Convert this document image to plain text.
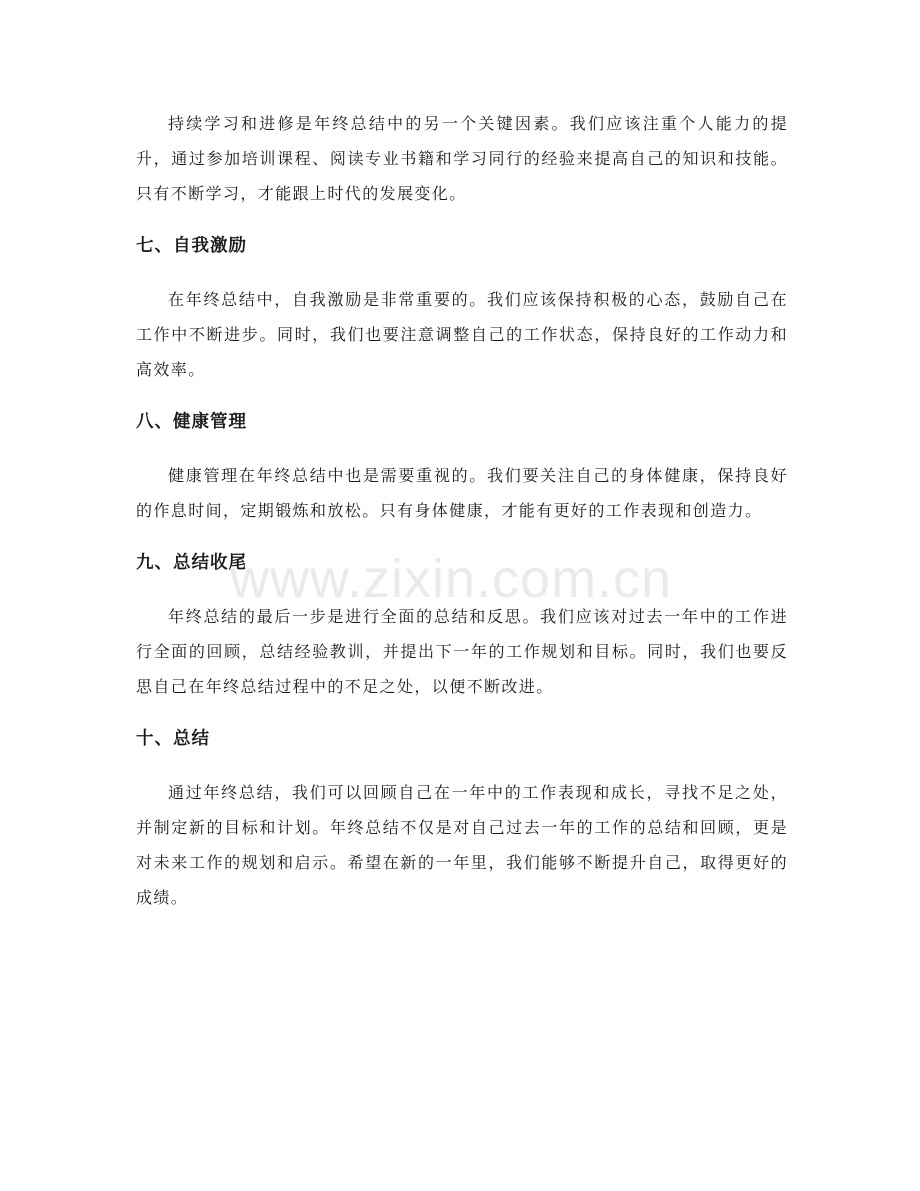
持续学习和进修是年终总结中的另一个关键因素。我们应该注重个人能力的提升，通过参加培训课程、阅读专业书籍和学习同行的经验来提高自己的知识和技能。只有不断学习，才能跟上时代的发展变化。

七、自我激励

在年终总结中，自我激励是非常重要的。我们应该保持积极的心态，鼓励自己在工作中不断进步。同时，我们也要注意调整自己的工作状态，保持良好的工作动力和高效率。

八、健康管理

健康管理在年终总结中也是需要重视的。我们要关注自己的身体健康，保持良好的作息时间，定期锻炼和放松。只有身体健康，才能有更好的工作表现和创造力。

九、总结收尾

年终总结的最后一步是进行全面的总结和反思。我们应该对过去一年中的工作进行全面的回顾，总结经验教训，并提出下一年的工作规划和目标。同时，我们也要反思自己在年终总结过程中的不足之处，以便不断改进。

十、总结

通过年终总结，我们可以回顾自己在一年中的工作表现和成长，寻找不足之处，并制定新的目标和计划。年终总结不仅是对自己过去一年的工作的总结和回顾，更是对未来工作的规划和启示。希望在新的一年里，我们能够不断提升自己，取得更好的成绩。

www.zixin.com.cn
